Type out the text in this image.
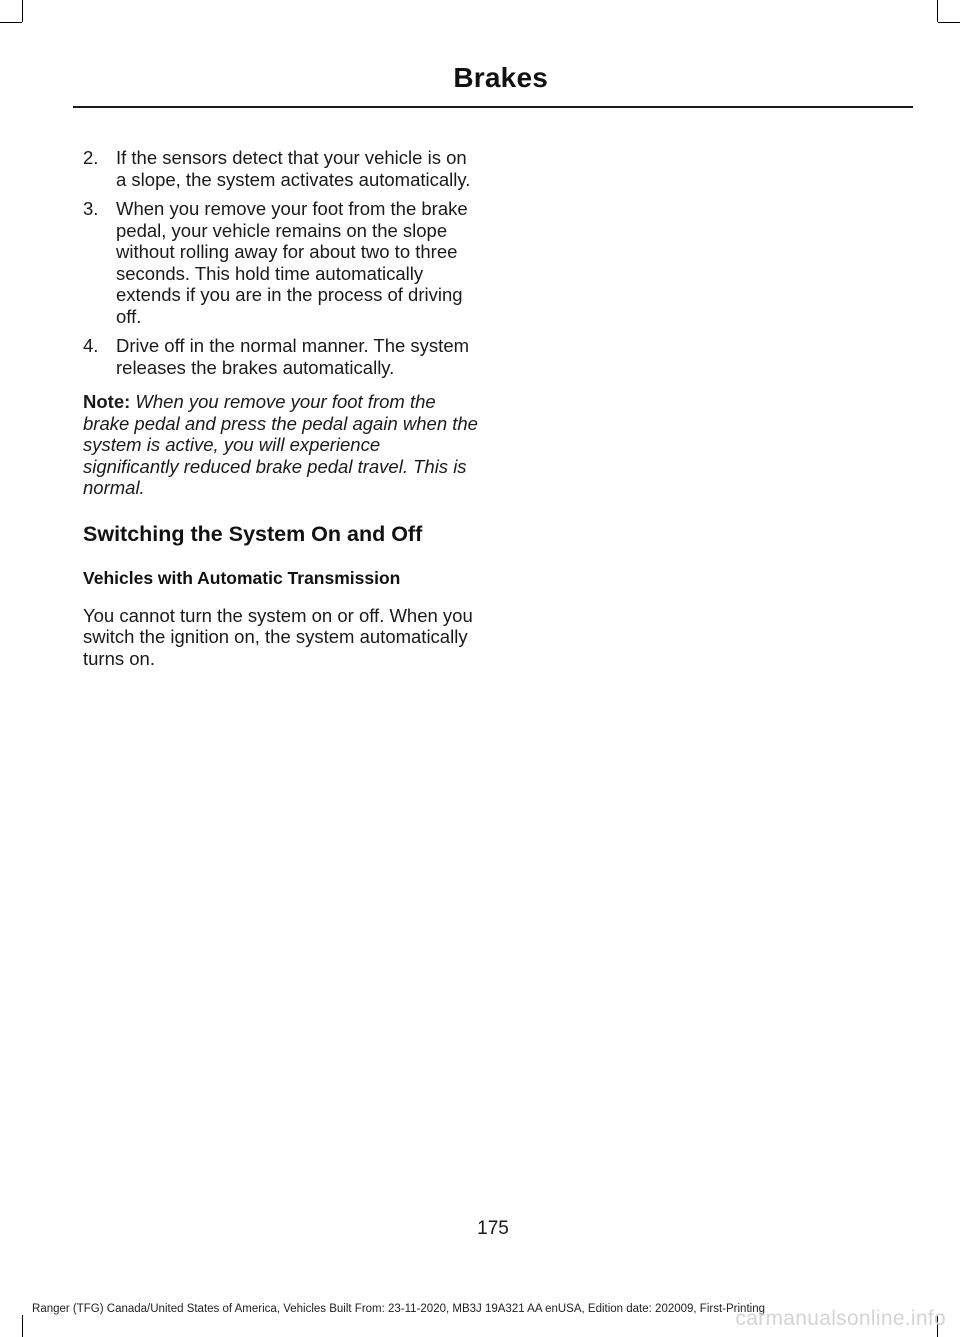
Brakes
2. If the sensors detect that your vehicle is on a slope, the system activates automatically.
3. When you remove your foot from the brake pedal, your vehicle remains on the slope without rolling away for about two to three seconds. This hold time automatically extends if you are in the process of driving off.
4. Drive off in the normal manner. The system releases the brakes automatically.

Note: When you remove your foot from the brake pedal and press the pedal again when the system is active, you will experience significantly reduced brake pedal travel. This is normal.

Switching the System On and Off
Vehicles with Automatic Transmission

You cannot turn the system on or off. When you switch the ignition on, the system automatically turns on.

175
Ranger (TFG) Canada/United States of America, Vehicles Built From: 23-11-2020, MB3J 19A321 AA enUSA, Edition date: 202009, First-Printing
carmanualsonline.info
